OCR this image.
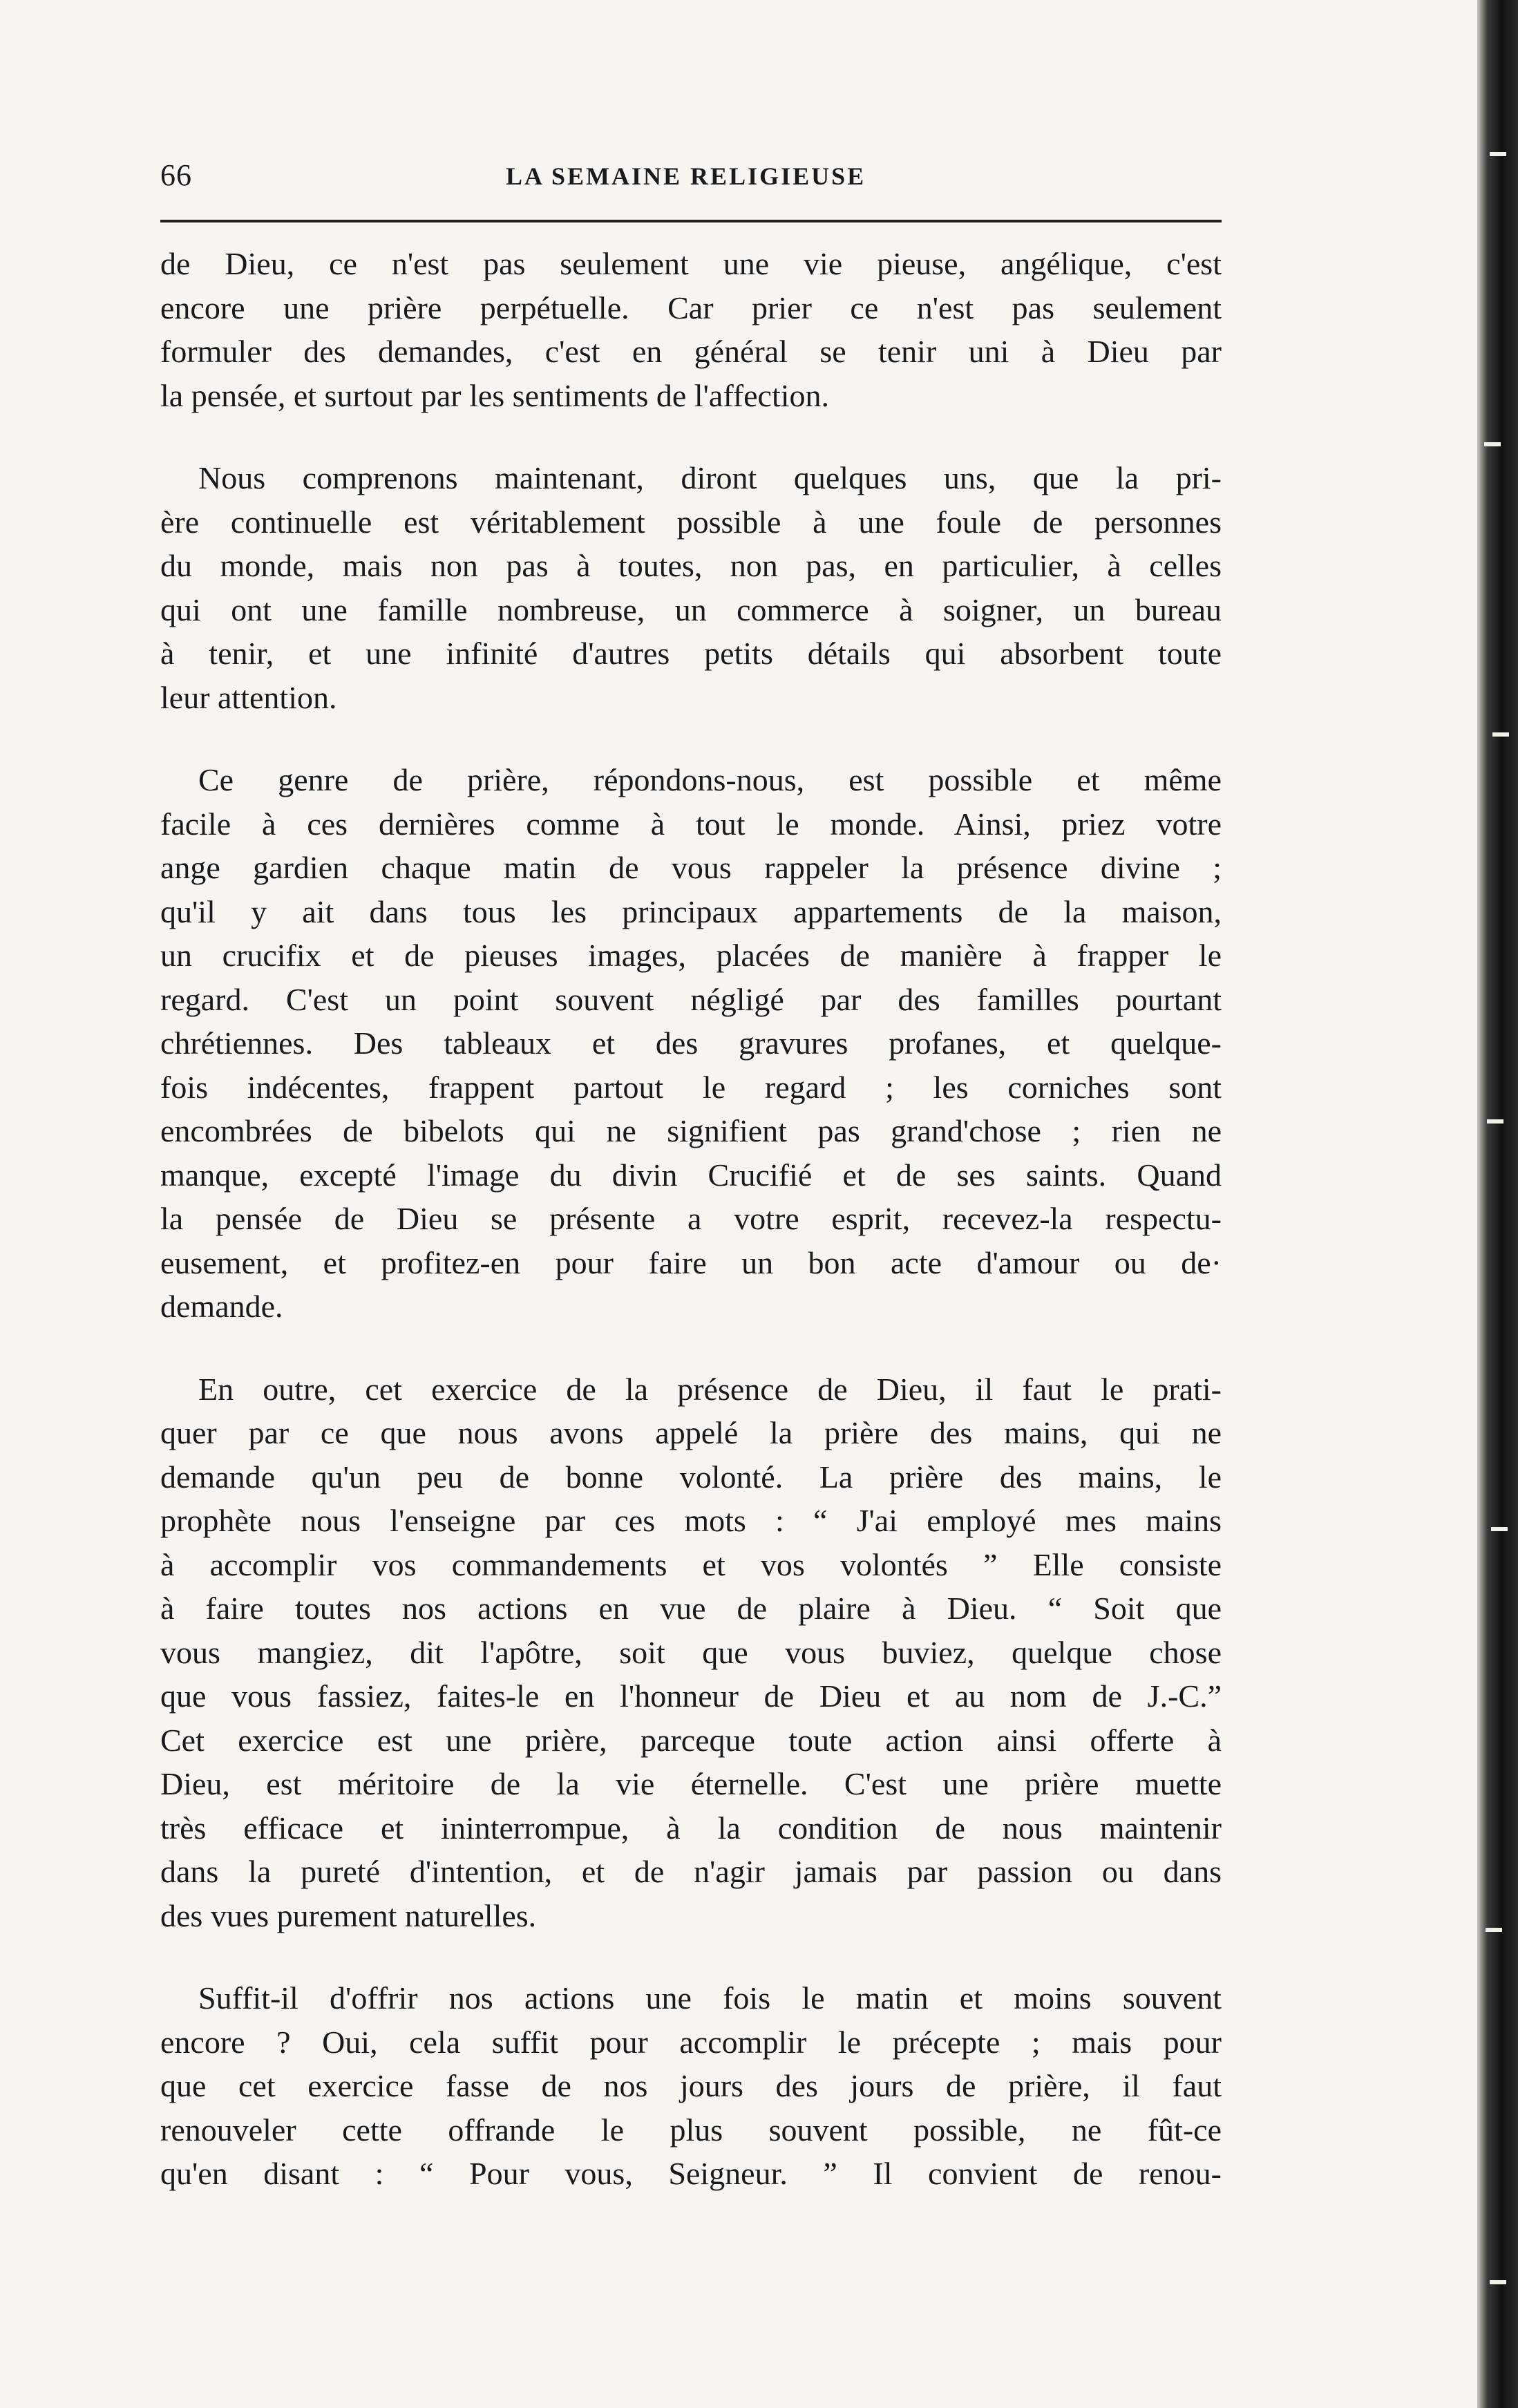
66	LA SEMAINE RELIGIEUSE
de Dieu, ce n'est pas seulement une vie pieuse, angélique, c'est
encore une prière perpétuelle. Car prier ce n'est pas seulement
formuler des demandes, c'est en général se tenir uni à Dieu par
la pensée, et surtout par les sentiments de l'affection.
Nous comprenons maintenant, diront quelques uns, que la pri-
ère continuelle est véritablement possible à une foule de personnes
du monde, mais non pas à toutes, non pas, en particulier, à celles
qui ont une famille nombreuse, un commerce à soigner, un bureau
à tenir, et une infinité d'autres petits détails qui absorbent toute
leur attention.
Ce genre de prière, répondons-nous, est possible et même
facile à ces dernières comme à tout le monde. Ainsi, priez votre
ange gardien chaque matin de vous rappeler la présence divine ;
qu'il y ait dans tous les principaux appartements de la maison,
un crucifix et de pieuses images, placées de manière à frapper le
regard. C'est un point souvent négligé par des familles pourtant
chrétiennes. Des tableaux et des gravures profanes, et quelque-
fois indécentes, frappent partout le regard ; les corniches sont
encombrées de bibelots qui ne signifient pas grand'chose ; rien ne
manque, excepté l'image du divin Crucifié et de ses saints. Quand
la pensée de Dieu se présente a votre esprit, recevez-la respectu-
eusement, et profitez-en pour faire un bon acte d'amour ou de·
demande.
En outre, cet exercice de la présence de Dieu, il faut le prati-
quer par ce que nous avons appelé la prière des mains, qui ne
demande qu'un peu de bonne volonté. La prière des mains, le
prophète nous l'enseigne par ces mots : “ J'ai employé mes mains
à accomplir vos commandements et vos volontés ” Elle consiste
à faire toutes nos actions en vue de plaire à Dieu. “ Soit que
vous mangiez, dit l'apôtre, soit que vous buviez, quelque chose
que vous fassiez, faites-le en l'honneur de Dieu et au nom de J.-C.”
Cet exercice est une prière, parceque toute action ainsi offerte à
Dieu, est méritoire de la vie éternelle. C'est une prière muette
très efficace et ininterrompue, à la condition de nous maintenir
dans la pureté d'intention, et de n'agir jamais par passion ou dans
des vues purement naturelles.
Suffit-il d'offrir nos actions une fois le matin et moins souvent
encore ? Oui, cela suffit pour accomplir le précepte ; mais pour
que cet exercice fasse de nos jours des jours de prière, il faut
renouveler cette offrande le plus souvent possible, ne fût-ce
qu'en disant : “ Pour vous, Seigneur. ” Il convient de renou-
